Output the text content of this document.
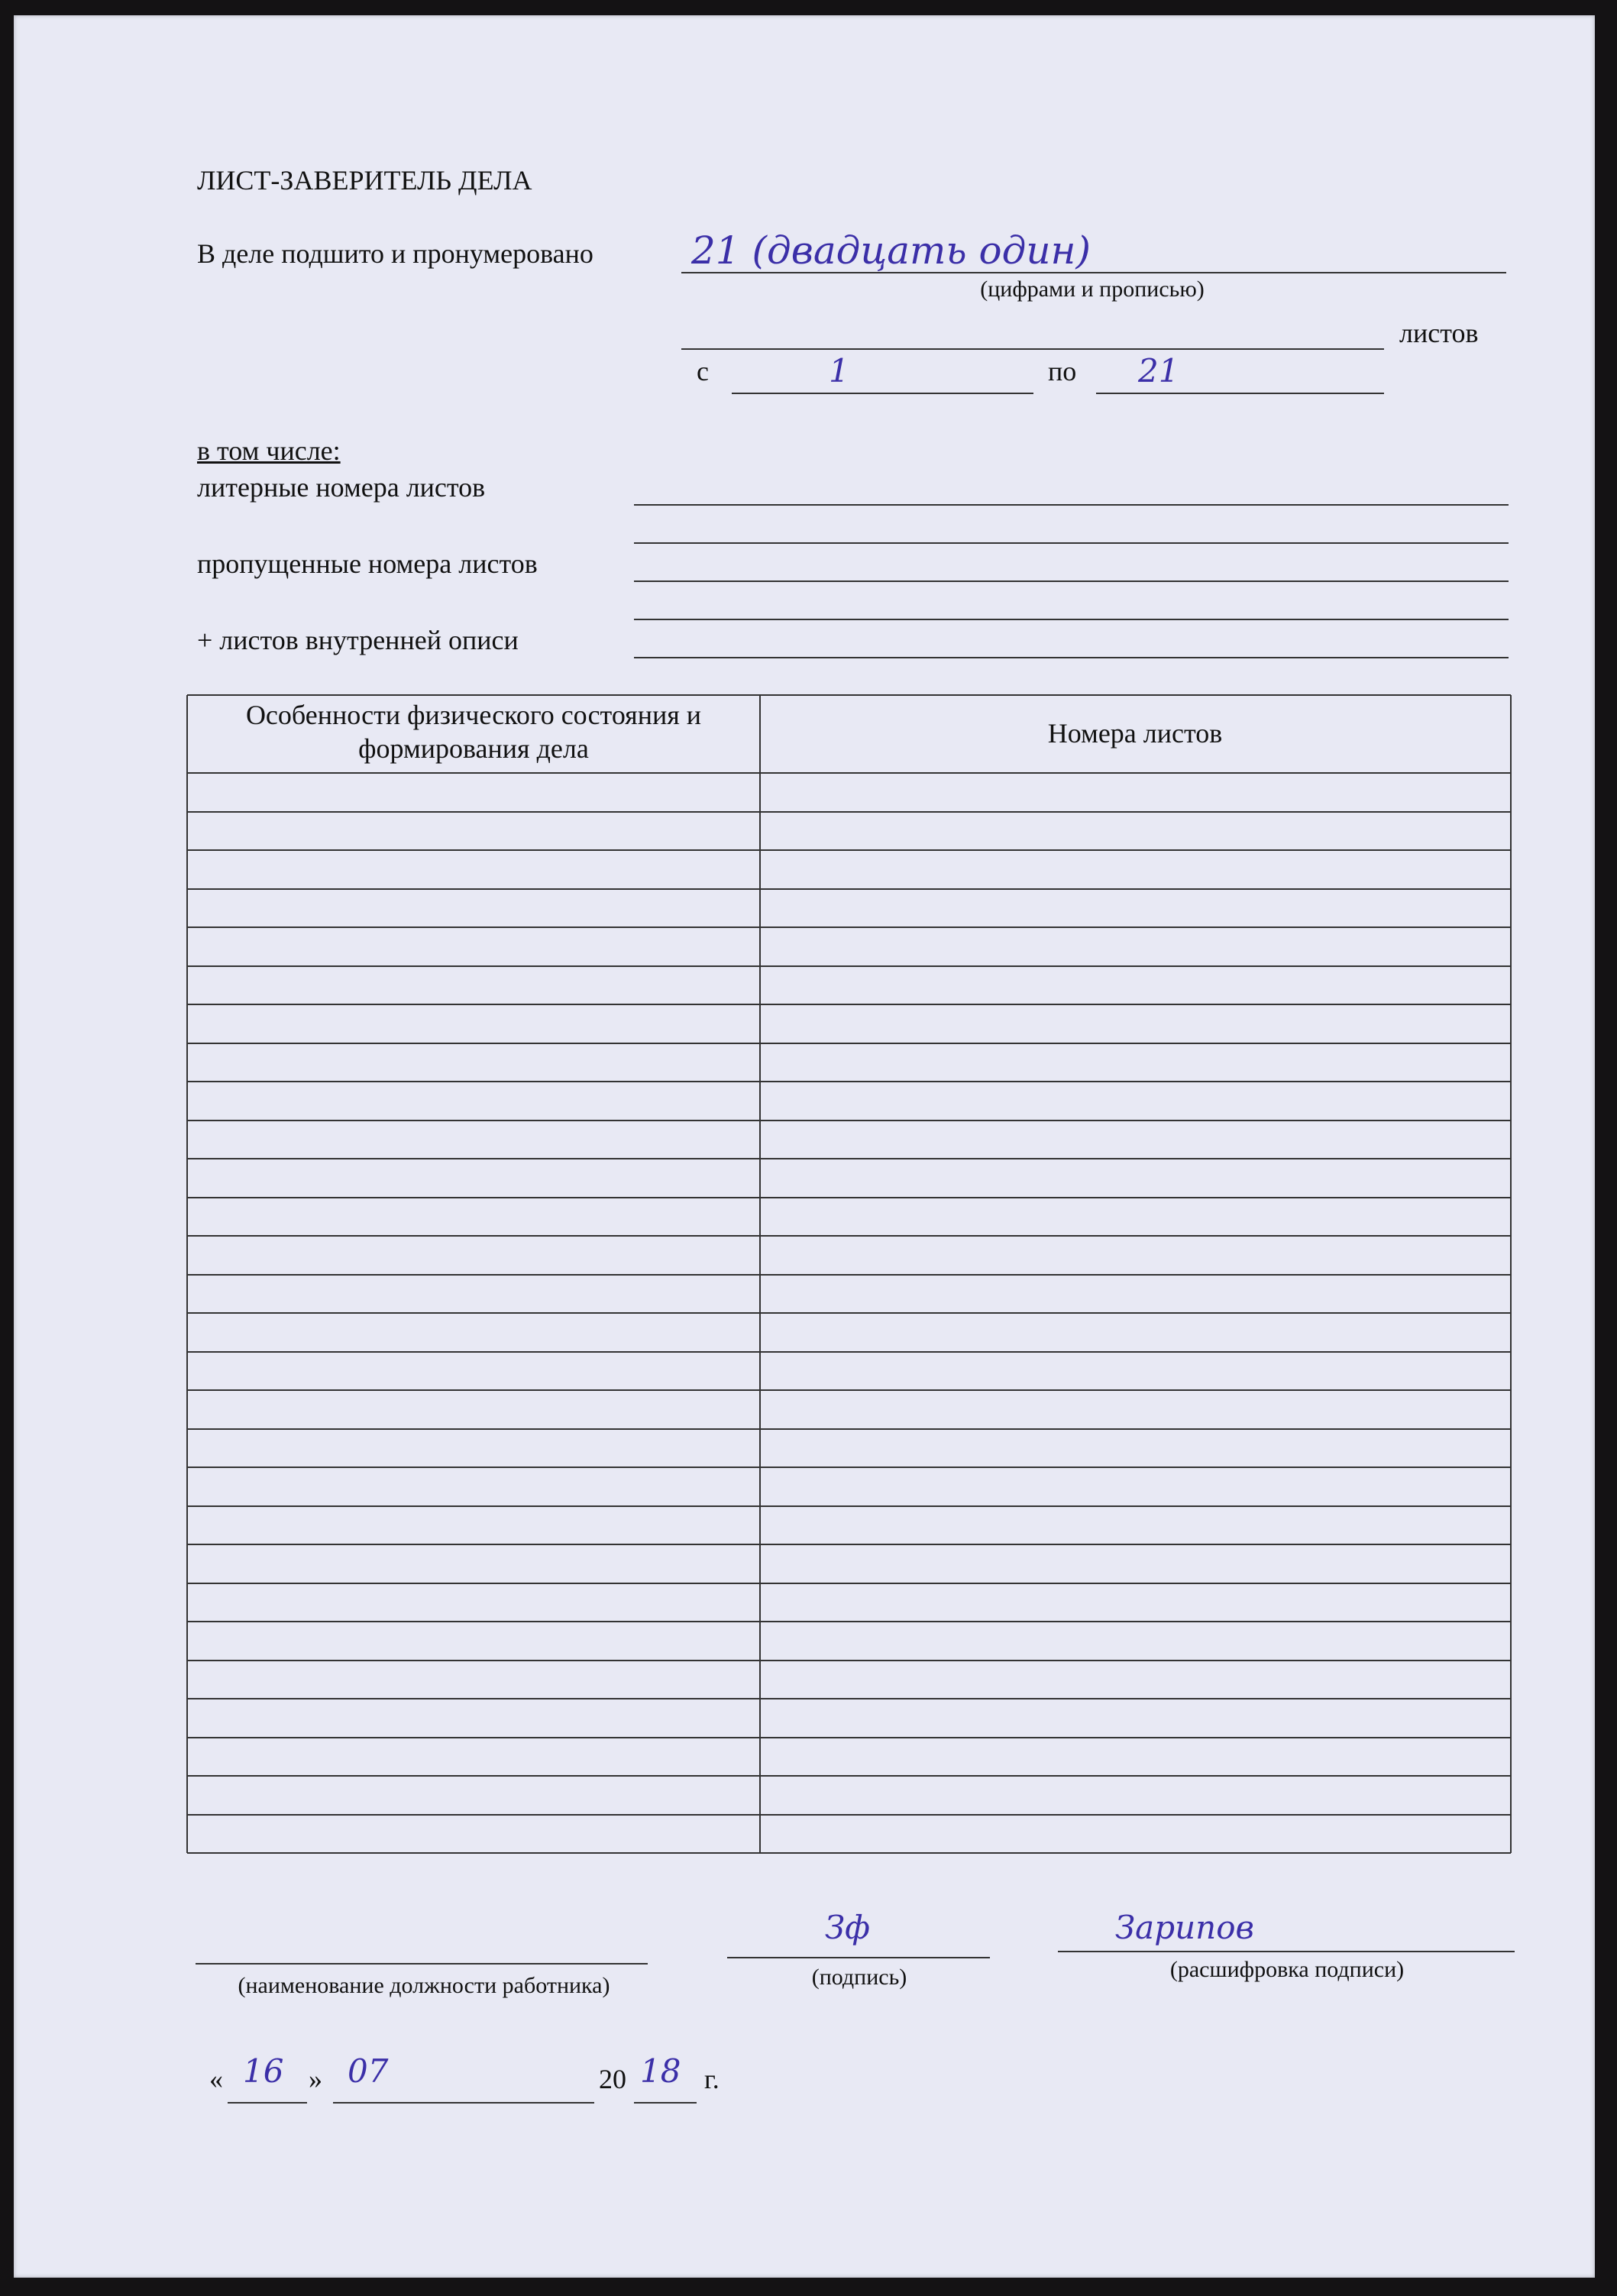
ЛИСТ-ЗАВЕРИТЕЛЬ ДЕЛА
В деле подшито и пронумеровано	21 (двадцать один)
(цифрами и прописью)
листов
с	1	по 21
в том числе:
литерные номера листов
пропущенные номера листов
+ листов внутренней описи
Особенности физического состояния и формирования дела	Номера листов
(наименование должности работника)
Зф
(подпись)
Зарипов
(расшифровка подписи)
« 16 » 07	20 18 г.
